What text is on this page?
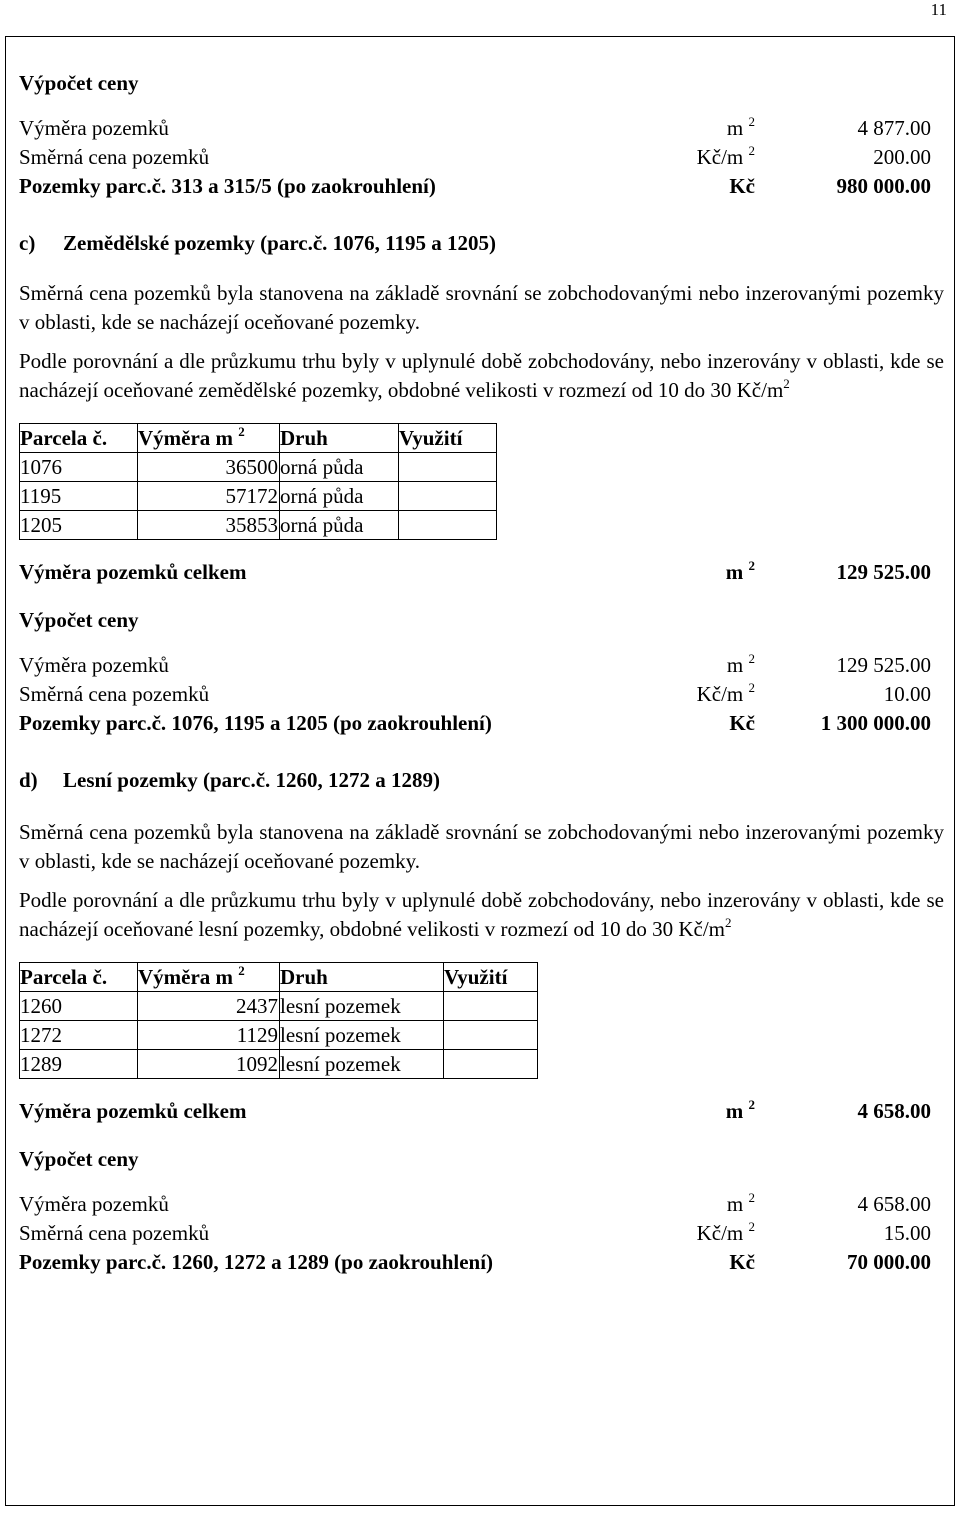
11

Výpočet ceny

Výměra pozemků	m $^2$	4 877.00
Směrná cena pozemků	Kč/m $^2$	200.00
Pozemky parc.č. 313 a 315/5 (po zaokrouhlení)	Kč	980 000.00

c) Zemědělské pozemky (parc.č. 1076, 1195 a 1205)

Směrná cena pozemků byla stanovena na základě srovnání se zobchodovanými nebo inzerovanými pozemky v oblasti, kde se nacházejí oceňované pozemky.

Podle porovnání a dle průzkumu trhu byly v uplynulé době zobchodovány, nebo inzerovány v oblasti, kde se nacházejí oceňované zemědělské pozemky, obdobné velikosti v rozmezí od 10 do 30 $Kč/m^2$

Parcela č.	Výměra m $^2$	Druh	Využití
1076	36500	orná půda	
1195	57172	orná půda	
1205	35853	orná půda	
Výměra pozemků celkem	m $^2$	129 525.00

Výpočet ceny

Výměra pozemků	m $^2$	129 525.00
Směrná cena pozemků	Kč/m $^2$	10.00
Pozemky parc.č. 1076, 1195 a 1205 (po zaokrouhlení)	Kč	1 300 000.00

d) Lesní pozemky (parc.č. 1260, 1272 a 1289)

Směrná cena pozemků byla stanovena na základě srovnání se zobchodovanými nebo inzerovanými pozemky v oblasti, kde se nacházejí oceňované pozemky.

Podle porovnání a dle průzkumu trhu byly v uplynulé době zobchodovány, nebo inzerovány v oblasti, kde se nacházejí oceňované lesní pozemky, obdobné velikosti v rozmezí od 10 do 30 $Kč/m^2$

Parcela č.	Výměra m $^2$	Druh	Využití
1260	2437	lesní pozemek	
1272	1129	lesní pozemek	
1289	1092	lesní pozemek	
Výměra pozemků celkem	m $^2$	4 658.00

Výpočet ceny

Výměra pozemků	m $^2$	4 658.00
Směrná cena pozemků	Kč/m $^2$	15.00
Pozemky parc.č. 1260, 1272 a 1289 (po zaokrouhlení)	Kč	70 000.00
